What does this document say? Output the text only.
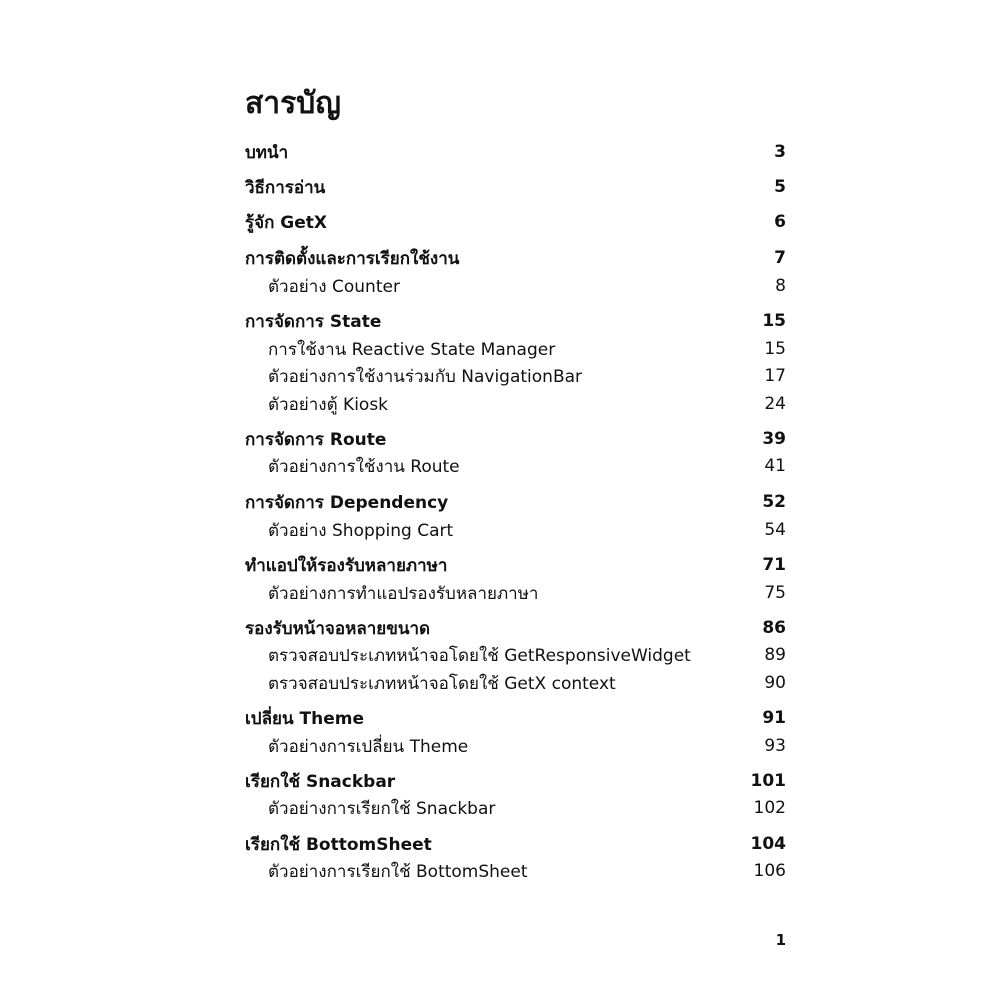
สารบัญ
บทนำ	3
วิธีการอ่าน	5
รู้จัก GetX	6
การติดตั้งและการเรียกใช้งาน	7
ตัวอย่าง Counter	8
การจัดการ State	15
การใช้งาน Reactive State Manager	15
ตัวอย่างการใช้งานร่วมกับ NavigationBar	17
ตัวอย่างตู้ Kiosk	24
การจัดการ Route	39
ตัวอย่างการใช้งาน Route	41
การจัดการ Dependency	52
ตัวอย่าง Shopping Cart	54
ทำแอปให้รองรับหลายภาษา	71
ตัวอย่างการทำแอปรองรับหลายภาษา	75
รองรับหน้าจอหลายขนาด	86
ตรวจสอบประเภทหน้าจอโดยใช้ GetResponsiveWidget	89
ตรวจสอบประเภทหน้าจอโดยใช้ GetX context	90
เปลี่ยน Theme	91
ตัวอย่างการเปลี่ยน Theme	93
เรียกใช้ Snackbar	101
ตัวอย่างการเรียกใช้ Snackbar	102
เรียกใช้ BottomSheet	104
ตัวอย่างการเรียกใช้ BottomSheet	106
1
